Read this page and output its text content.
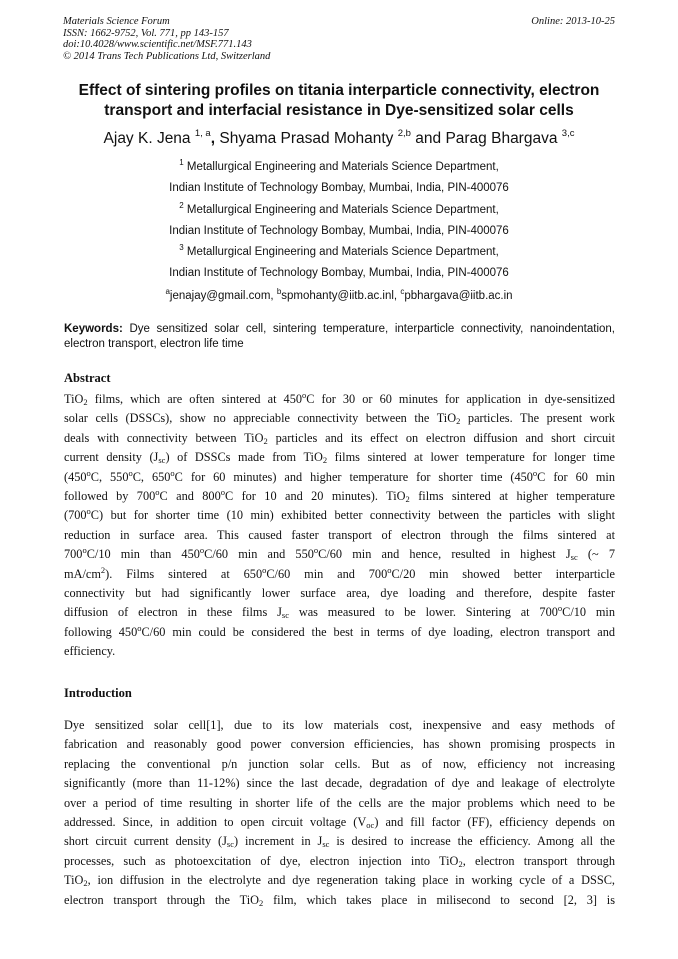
Materials Science Forum
ISSN: 1662-9752, Vol. 771, pp 143-157
doi:10.4028/www.scientific.net/MSF.771.143
© 2014 Trans Tech Publications Ltd, Switzerland
Online: 2013-10-25
Effect of sintering profiles on titania interparticle connectivity, electron
transport and interfacial resistance in Dye-sensitized solar cells
Ajay K. Jena $^{1, a}$, Shyama Prasad Mohanty $^{2,b}$ and Parag Bhargava $^{3,c}$
$^1$ Metallurgical Engineering and Materials Science Department,
Indian Institute of Technology Bombay, Mumbai, India, PIN-400076
$^2$ Metallurgical Engineering and Materials Science Department,
Indian Institute of Technology Bombay, Mumbai, India, PIN-400076
$^3$ Metallurgical Engineering and Materials Science Department,
Indian Institute of Technology Bombay, Mumbai, India, PIN-400076
$^a$jenajay@gmail.com, $^b$spmohanty@iitb.ac.inl, $^c$pbhargava@iitb.ac.in
Keywords: Dye sensitized solar cell, sintering temperature, interparticle connectivity, nanoindentation, electron transport, electron life time
Abstract
TiO$_2$ films, which are often sintered at 450$^o$C for 30 or 60 minutes for application in dye-sensitized
solar cells (DSSCs), show no appreciable connectivity between the TiO$_2$ particles. The present work
deals with connectivity between TiO$_2$ particles and its effect on electron diffusion and short circuit
current density $(J_{sc})$ of DSSCs made from TiO$_2$ films sintered at lower temperature for longer time
(450$^o$C, 550$^o$C, 650$^o$C for 60 minutes) and higher temperature for shorter time (450$^o$C for 60 min
followed by 700$^o$C and 800$^o$C for 10 and 20 minutes). TiO$_2$ films sintered at higher temperature
(700$^o$C) but for shorter time (10 min) exhibited better connectivity between the particles with slight
reduction in surface area. This caused faster transport of electron through the films sintered at
700$^o$C/10 min than 450$^o$C/60 min and 550$^o$C/60 min and hence, resulted in highest $J_{sc}$ (~ 7
$mA/cm^2$). Films sintered at 650$^o$C/60 min and 700$^o$C/20 min showed better interparticle
connectivity but had significantly lower surface area, dye loading and therefore, despite faster
diffusion of electron in these films $J_{sc}$ was measured to be lower. Sintering at 700$^o$C/10 min
following 450$^o$C/60 min could be considered the best in terms of dye loading, electron transport and
efficiency.
Introduction
Dye sensitized solar cell[1], due to its low materials cost, inexpensive and easy methods of
fabrication and reasonably good power conversion efficiencies, has shown promising prospects in
replacing the conventional p/n junction solar cells. But as of now, efficiency not increasing
significantly (more than 11-12%) since the last decade, degradation of dye and leakage of electrolyte
over a period of time resulting in shorter life of the cells are the major problems which need to be
addressed. Since, in addition to open circuit voltage $(V_{oc})$ and fill factor (FF), efficiency depends on
short circuit current density $(J_{sc})$ increment in $J_{sc}$ is desired to increase the efficiency. Among all the
processes, such as photoexcitation of dye, electron injection into TiO$_2$, electron transport through
TiO$_2$, ion diffusion in the electrolyte and dye regeneration taking place in working cycle of a DSSC,
electron transport through the TiO$_2$ film, which takes place in milisecond to second [2, 3] is
